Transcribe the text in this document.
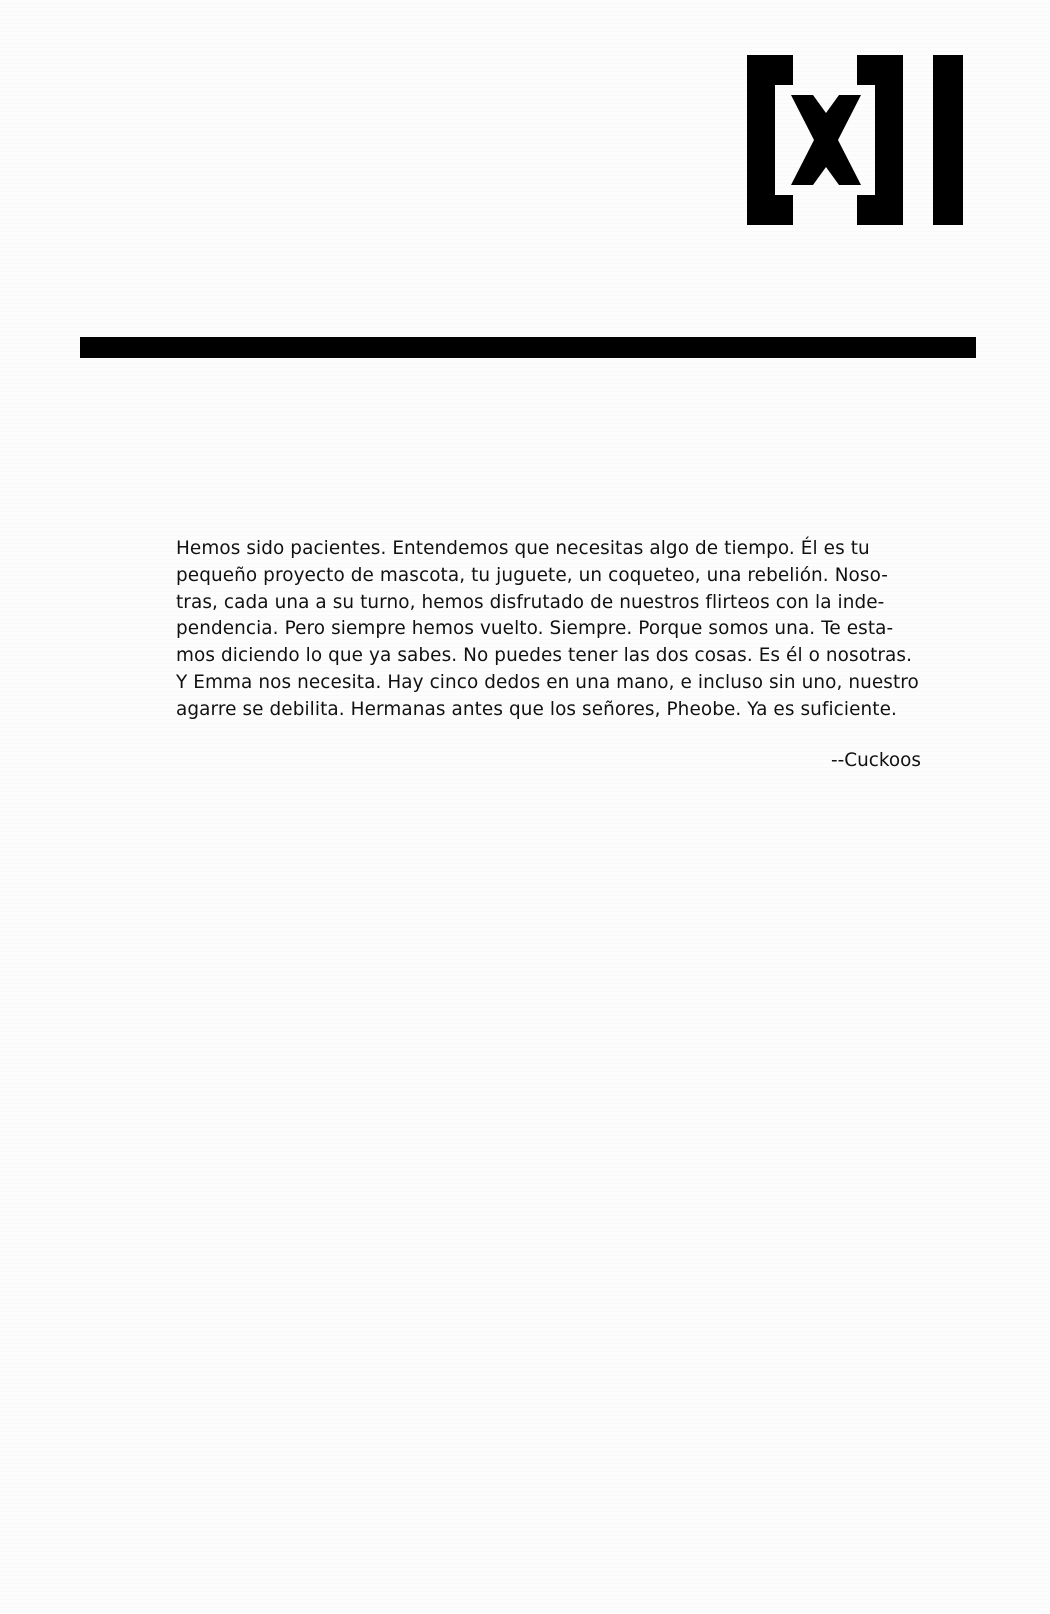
Hemos sido pacientes. Entendemos que necesitas algo de tiempo. Él es tu
pequeño proyecto de mascota, tu juguete, un coqueteo, una rebelión. Noso-
tras, cada una a su turno, hemos disfrutado de nuestros flirteos con la inde-
pendencia. Pero siempre hemos vuelto. Siempre. Porque somos una. Te esta-
mos diciendo lo que ya sabes. No puedes tener las dos cosas. Es él o nosotras.
Y Emma nos necesita. Hay cinco dedos en una mano, e incluso sin uno, nuestro
agarre se debilita. Hermanas antes que los señores, Pheobe. Ya es suficiente.

--Cuckoos
